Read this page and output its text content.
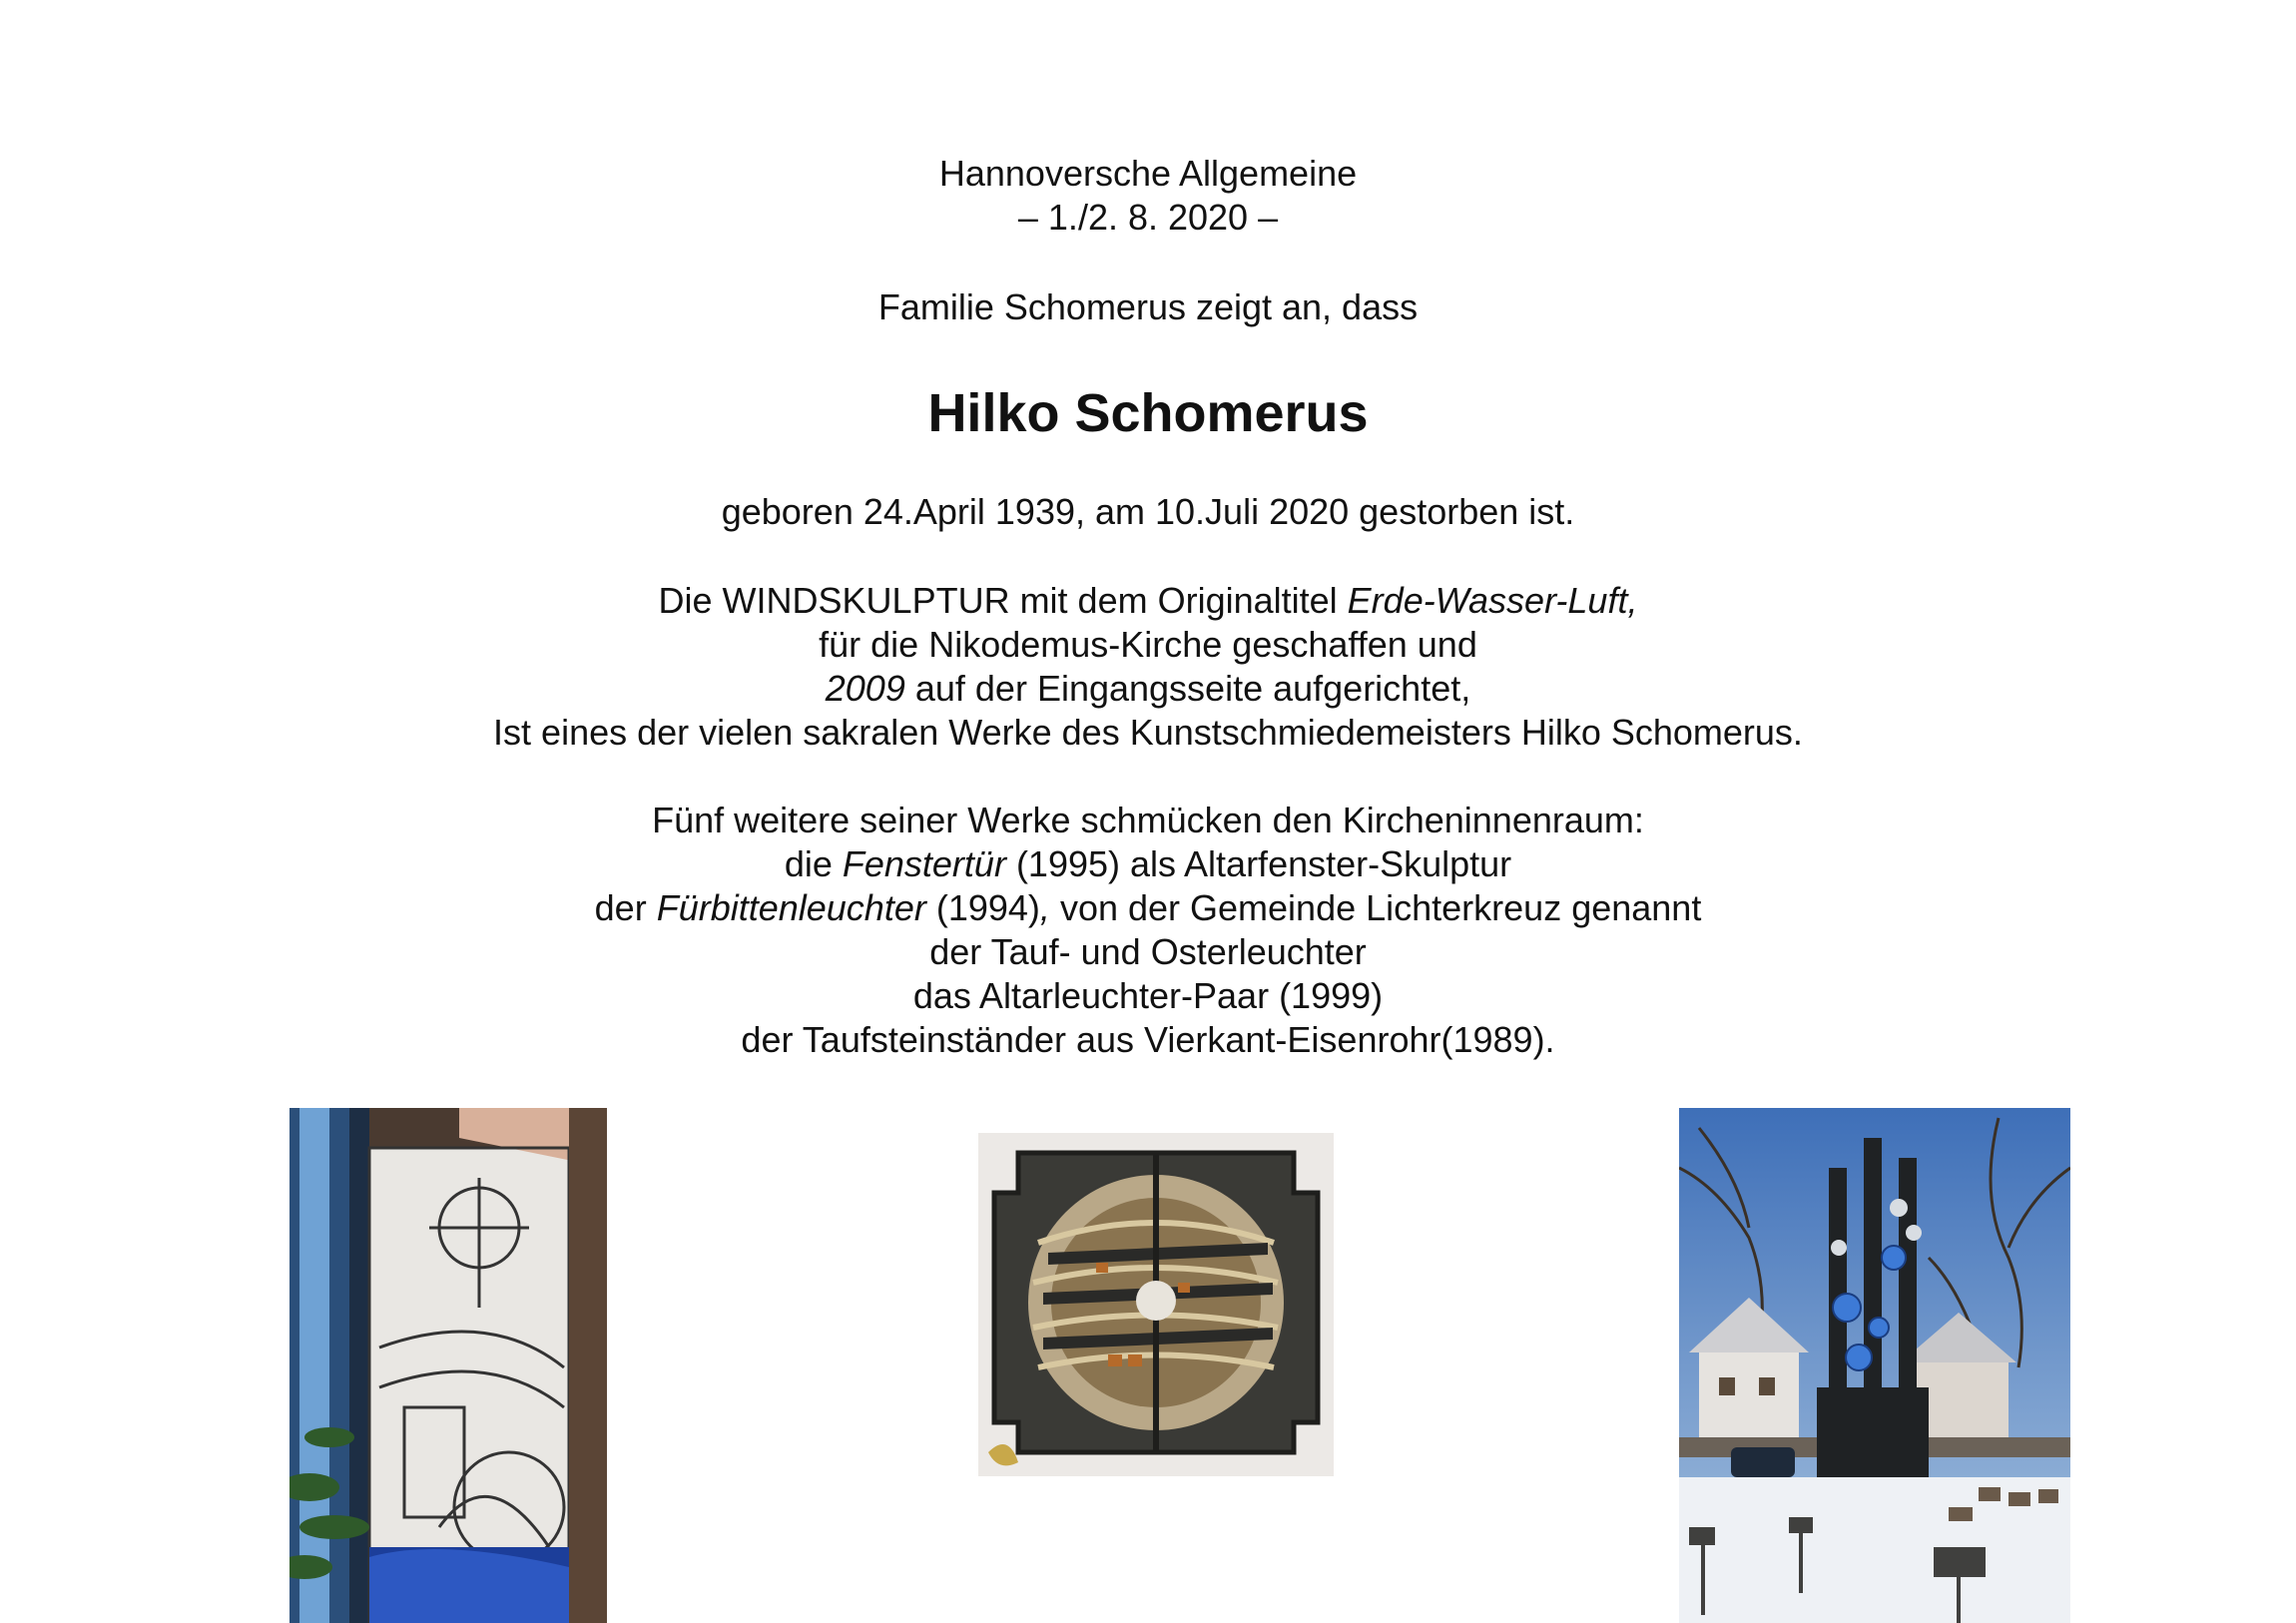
Hannoversche Allgemeine
– 1./2. 8. 2020 –
Familie Schomerus zeigt an, dass
Hilko Schomerus
geboren 24.April 1939, am 10.Juli 2020 gestorben ist.
Die WINDSKULPTUR mit dem Originaltitel Erde-Wasser-Luft,
für die Nikodemus-Kirche geschaffen und
2009 auf der Eingangsseite aufgerichtet,
Ist eines der vielen sakralen Werke des Kunstschmiedemeisters Hilko Schomerus.
Fünf weitere seiner Werke schmücken den Kircheninnenraum:
die Fenstertür (1995) als Altarfenster-Skulptur
der Fürbittenleuchter (1994), von der Gemeinde Lichterkreuz genannt
der Tauf- und Osterleuchter
das Altarleuchter-Paar (1999)
der Taufsteinständer aus Vierkant-Eisenrohr(1989).
